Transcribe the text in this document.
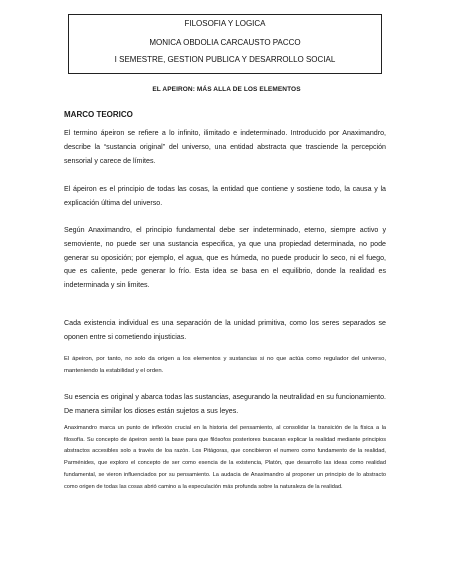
FILOSOFIA Y LOGICA
MONICA OBDOLIA CARCAUSTO PACCO
I SEMESTRE, GESTION PUBLICA Y DESARROLLO SOCIAL
EL APEIRON: MÁS ALLA DE LOS ELEMENTOS
MARCO TEORICO

El termino ápeiron se refiere a lo infinito, ilimitado e indeterminado. Introducido por Anaximandro, describe la “sustancia original” del universo, una entidad abstracta que trasciende la percepción sensorial y carece de límites.

El ápeiron es el principio de todas las cosas, la entidad que contiene y sostiene todo, la causa y la explicación última del universo.

Según Anaximandro, el principio fundamental debe ser indeterminado, eterno, siempre activo y semoviente, no puede ser una sustancia especifica, ya que una propiedad determinada, no pode generar su oposición; por ejemplo, el agua, que es húmeda, no puede producir lo seco, ni el fuego, que es caliente, pede generar lo frío. Esta idea se basa en el equilibrio, donde la realidad es indeterminada y sin limites.

Cada existencia individual es una separación de la unidad primitiva, como los seres separados se oponen entre si cometiendo injusticias.

El ápeiron, por tanto, no solo da origen a los elementos y sustancias si no que actúa como regulador del universo, manteniendo la estabilidad y el orden.

Su esencia es original y abarca todas las sustancias, asegurando la neutralidad en su funcionamiento. De manera similar los dioses están sujetos a sus leyes.

Anaximandro marca un punto de inflexión crucial en la historia del pensamiento, al consolidar la transición de la física a la filosofía. Su concepto de ápeiron sentó la base para que filósofos posteriores buscaran explicar la realidad mediante principios abstractos accesibles solo a través de loa razón. Los Pitágoras, que concibieron el numero como fundamento de la realidad, Parménides, que exploro el concepto de ser como esencia de la existencia, Platón, que desarrollo las ideas como realidad fundamental, se vieron influenciados por su pensamiento. La audacia de Anaximandro al proponer un principio de lo abstracto como origen de todas las cosas abrió camino a la especulación más profunda sobre la naturaleza de la realidad.
